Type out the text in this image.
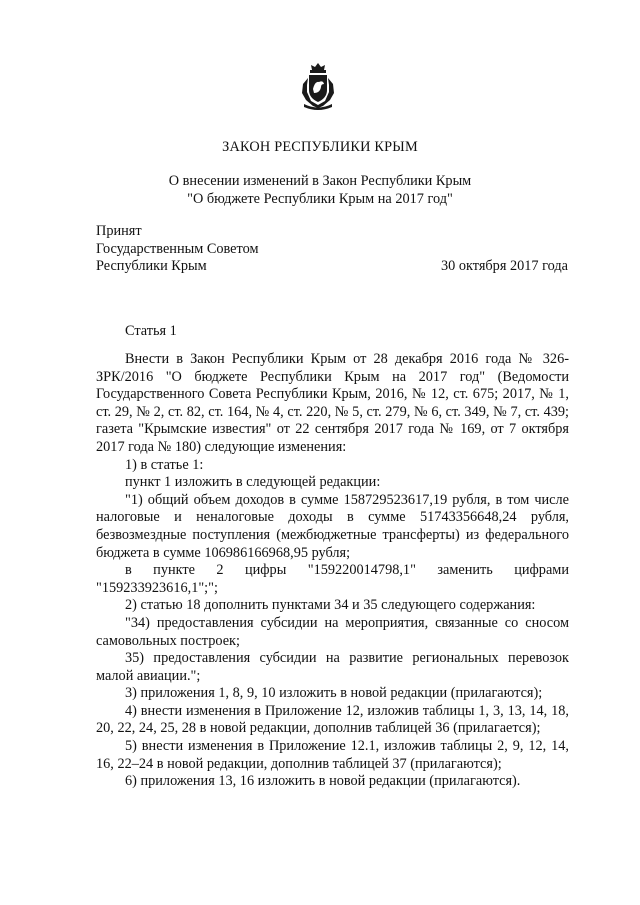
ЗАКОН РЕСПУБЛИКИ КРЫМ
О внесении изменений в Закон Республики Крым
"О бюджете Республики Крым на 2017 год"
Принят
Государственным Советом
Республики Крым	30 октября 2017 года
Статья 1

Внести в Закон Республики Крым от 28 декабря 2016 года № 326-ЗРК/2016 "О бюджете Республики Крым на 2017 год" (Ведомости Государственного Совета Республики Крым, 2016, № 12, ст. 675; 2017, № 1, ст. 29, № 2, ст. 82, ст. 164, № 4, ст. 220, № 5, ст. 279, № 6, ст. 349, № 7, ст. 439; газета "Крымские известия" от 22 сентября 2017 года № 169, от 7 октября 2017 года № 180) следующие изменения:

1) в статье 1:

пункт 1 изложить в следующей редакции:

"1) общий объем доходов в сумме 158729523617,19 рубля, в том числе налоговые и неналоговые доходы в сумме 51743356648,24 рубля, безвозмездные поступления (межбюджетные трансферты) из федерального бюджета в сумме 106986166968,95 рубля;

в пункте 2 цифры "159220014798,1" заменить цифрами "159233923616,1";";

2) статью 18 дополнить пунктами 34 и 35 следующего содержания:

"34) предоставления субсидии на мероприятия, связанные со сносом самовольных построек;

35) предоставления субсидии на развитие региональных перевозок малой авиации.";

3) приложения 1, 8, 9, 10 изложить в новой редакции (прилагаются);

4) внести изменения в Приложение 12, изложив таблицы 1, 3, 13, 14, 18, 20, 22, 24, 25, 28 в новой редакции, дополнив таблицей 36 (прилагается);

5) внести изменения в Приложение 12.1, изложив таблицы 2, 9, 12, 14, 16, 22–24 в новой редакции, дополнив таблицей 37 (прилагаются);

6) приложения 13, 16 изложить в новой редакции (прилагаются).
